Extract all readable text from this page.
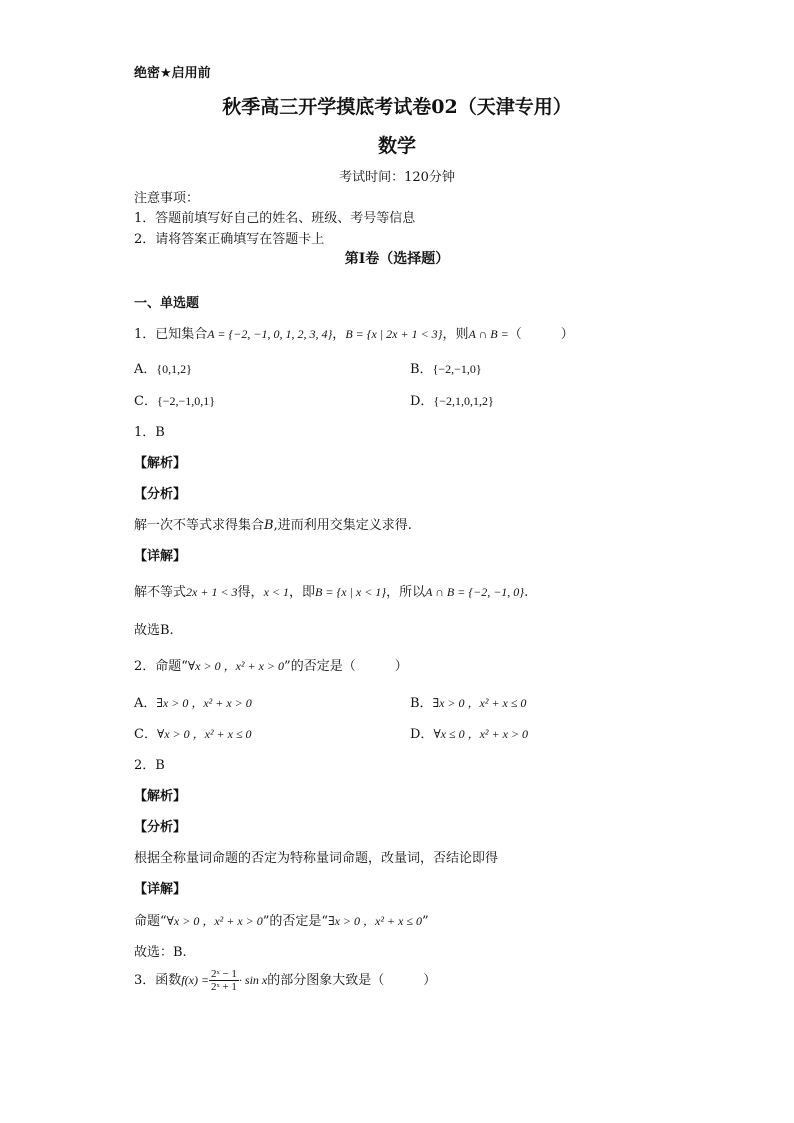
绝密★启用前
秋季高三开学摸底考试卷02（天津专用）
数学
考试时间：120分钟
注意事项：
1．答题前填写好自己的姓名、班级、考号等信息
2．请将答案正确填写在答题卡上
第I卷（选择题）
一、单选题
1．已知集合A = {−2, −1, 0, 1, 2, 3, 4}，B = {x | 2x + 1 < 3}，则A ∩ B =（　　　）
A．{0,1,2}	B．{−2,−1,0}
C．{−2,−1,0,1}	D．{−2,1,0,1,2}
1．B
【解析】
【分析】
解一次不等式求得集合B,进而利用交集定义求得.
【详解】
解不等式2x + 1 < 3得，x < 1，即B = {x | x < 1}，所以A ∩ B = {−2, −1, 0}.
故选B.
2．命题“∀x > 0 ，x² + x > 0”的否定是（　　　）
A．∃x > 0 ，x² + x > 0	B．∃x > 0 ，x² + x ≤ 0
C．∀x > 0 ，x² + x ≤ 0	D．∀x ≤ 0 ，x² + x > 0
2．B
【解析】
【分析】
根据全称量词命题的否定为特称量词命题，改量词，否结论即得
【详解】
命题“∀x > 0 ，x² + x > 0”的否定是“∃x > 0 ，x² + x ≤ 0”
故选：B.
3．函数$f(x) = \frac{\text{2ˣ − 1}}{\text{2ˣ + 1}} \cdot \sin x$的部分图象大致是（　　　）
